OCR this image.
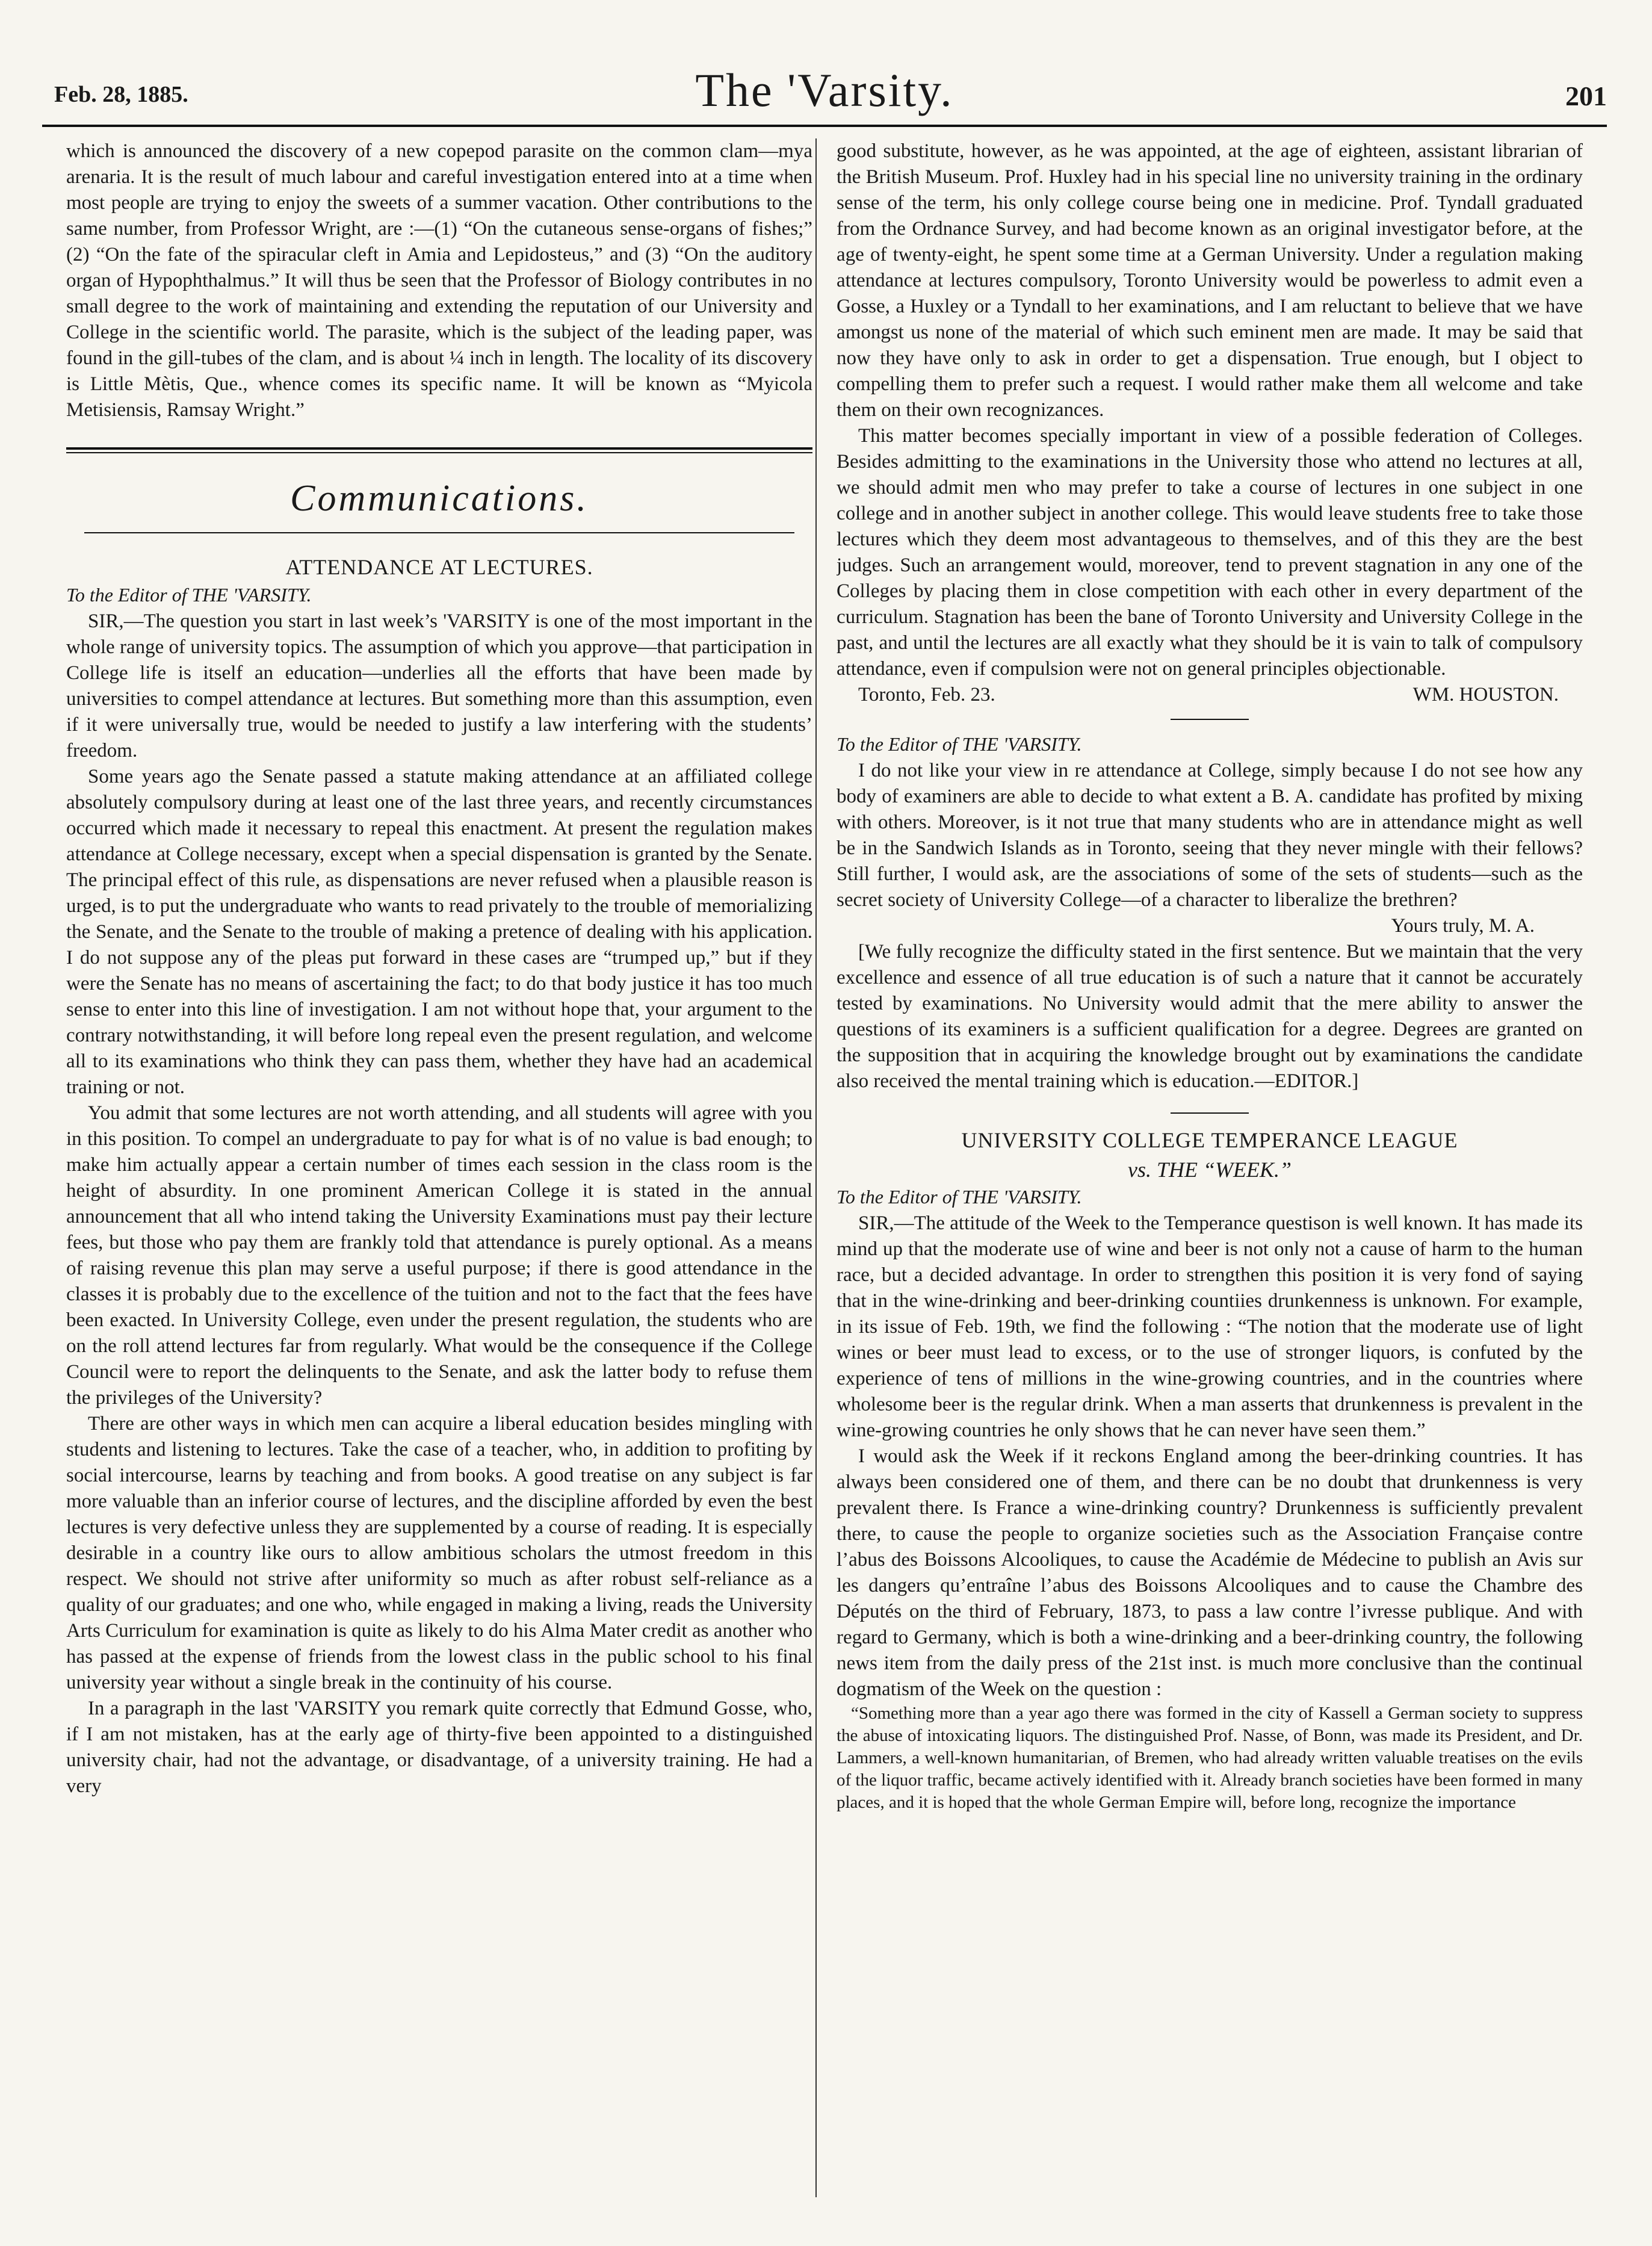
Feb. 28, 1885.	The 'Varsity.	201

which is announced the discovery of a new copepod parasite on the common clam—mya arenaria. It is the result of much labour and careful investigation entered into at a time when most people are trying to enjoy the sweets of a summer vacation. Other contributions to the same number, from Professor Wright, are :—(1) “On the cutaneous sense-organs of fishes;” (2) “On the fate of the spiracular cleft in Amia and Lepidosteus,” and (3) “On the auditory organ of Hypophthalmus.” It will thus be seen that the Professor of Biology contributes in no small degree to the work of maintaining and extending the reputation of our University and College in the scientific world. The parasite, which is the subject of the leading paper, was found in the gill-tubes of the clam, and is about ¼ inch in length. The locality of its discovery is Little Mètis, Que., whence comes its specific name. It will be known as “Myicola Metisiensis, Ramsay Wright.”

Communications.
ATTENDANCE AT LECTURES.
To the Editor of THE 'VARSITY.

SIR,—The question you start in last week’s 'VARSITY is one of the most important in the whole range of university topics. The assumption of which you approve—that participation in College life is itself an education—underlies all the efforts that have been made by universities to compel attendance at lectures. But something more than this assumption, even if it were universally true, would be needed to justify a law interfering with the students’ freedom.

Some years ago the Senate passed a statute making attendance at an affiliated college absolutely compulsory during at least one of the last three years, and recently circumstances occurred which made it necessary to repeal this enactment. At present the regulation makes attendance at College necessary, except when a special dispensation is granted by the Senate. The principal effect of this rule, as dispensations are never refused when a plausible reason is urged, is to put the undergraduate who wants to read privately to the trouble of memorializing the Senate, and the Senate to the trouble of making a pretence of dealing with his application. I do not suppose any of the pleas put forward in these cases are “trumped up,” but if they were the Senate has no means of ascertaining the fact; to do that body justice it has too much sense to enter into this line of investigation. I am not without hope that, your argument to the contrary notwithstanding, it will before long repeal even the present regulation, and welcome all to its examinations who think they can pass them, whether they have had an academical training or not.

You admit that some lectures are not worth attending, and all students will agree with you in this position. To compel an undergraduate to pay for what is of no value is bad enough; to make him actually appear a certain number of times each session in the class room is the height of absurdity. In one prominent American College it is stated in the annual announcement that all who intend taking the University Examinations must pay their lecture fees, but those who pay them are frankly told that attendance is purely optional. As a means of raising revenue this plan may serve a useful purpose; if there is good attendance in the classes it is probably due to the excellence of the tuition and not to the fact that the fees have been exacted. In University College, even under the present regulation, the students who are on the roll attend lectures far from regularly. What would be the consequence if the College Council were to report the delinquents to the Senate, and ask the latter body to refuse them the privileges of the University?

There are other ways in which men can acquire a liberal education besides mingling with students and listening to lectures. Take the case of a teacher, who, in addition to profiting by social intercourse, learns by teaching and from books. A good treatise on any subject is far more valuable than an inferior course of lectures, and the discipline afforded by even the best lectures is very defective unless they are supplemented by a course of reading. It is especially desirable in a country like ours to allow ambitious scholars the utmost freedom in this respect. We should not strive after uniformity so much as after robust self-reliance as a quality of our graduates; and one who, while engaged in making a living, reads the University Arts Curriculum for examination is quite as likely to do his Alma Mater credit as another who has passed at the expense of friends from the lowest class in the public school to his final university year without a single break in the continuity of his course.

In a paragraph in the last 'VARSITY you remark quite correctly that Edmund Gosse, who, if I am not mistaken, has at the early age of thirty-five been appointed to a distinguished university chair, had not the advantage, or disadvantage, of a university training. He had a very

good substitute, however, as he was appointed, at the age of eighteen, assistant librarian of the British Museum. Prof. Huxley had in his special line no university training in the ordinary sense of the term, his only college course being one in medicine. Prof. Tyndall graduated from the Ordnance Survey, and had become known as an original investigator before, at the age of twenty-eight, he spent some time at a German University. Under a regulation making attendance at lectures compulsory, Toronto University would be powerless to admit even a Gosse, a Huxley or a Tyndall to her examinations, and I am reluctant to believe that we have amongst us none of the material of which such eminent men are made. It may be said that now they have only to ask in order to get a dispensation. True enough, but I object to compelling them to prefer such a request. I would rather make them all welcome and take them on their own recognizances.

This matter becomes specially important in view of a possible federation of Colleges. Besides admitting to the examinations in the University those who attend no lectures at all, we should admit men who may prefer to take a course of lectures in one subject in one college and in another subject in another college. This would leave students free to take those lectures which they deem most advantageous to themselves, and of this they are the best judges. Such an arrangement would, moreover, tend to prevent stagnation in any one of the Colleges by placing them in close competition with each other in every department of the curriculum. Stagnation has been the bane of Toronto University and University College in the past, and until the lectures are all exactly what they should be it is vain to talk of compulsory attendance, even if compulsion were not on general principles objectionable.

Toronto, Feb. 23.	WM. HOUSTON.
To the Editor of THE 'VARSITY.

I do not like your view in re attendance at College, simply because I do not see how any body of examiners are able to decide to what extent a B. A. candidate has profited by mixing with others. Moreover, is it not true that many students who are in attendance might as well be in the Sandwich Islands as in Toronto, seeing that they never mingle with their fellows? Still further, I would ask, are the associations of some of the sets of students—such as the secret society of University College—of a character to liberalize the brethren?

Yours truly, M. A.

[We fully recognize the difficulty stated in the first sentence. But we maintain that the very excellence and essence of all true education is of such a nature that it cannot be accurately tested by examinations. No University would admit that the mere ability to answer the questions of its examiners is a sufficient qualification for a degree. Degrees are granted on the supposition that in acquiring the knowledge brought out by examinations the candidate also received the mental training which is education.—EDITOR.]

UNIVERSITY COLLEGE TEMPERANCE LEAGUE
vs. THE “WEEK.”
To the Editor of THE 'VARSITY.

SIR,—The attitude of the Week to the Temperance questison is well known. It has made its mind up that the moderate use of wine and beer is not only not a cause of harm to the human race, but a decided advantage. In order to strengthen this position it is very fond of saying that in the wine-drinking and beer-drinking countiies drunkenness is unknown. For example, in its issue of Feb. 19th, we find the following : “The notion that the moderate use of light wines or beer must lead to excess, or to the use of stronger liquors, is confuted by the experience of tens of millions in the wine-growing countries, and in the countries where wholesome beer is the regular drink. When a man asserts that drunkenness is prevalent in the wine-growing countries he only shows that he can never have seen them.”

I would ask the Week if it reckons England among the beer-drinking countries. It has always been considered one of them, and there can be no doubt that drunkenness is very prevalent there. Is France a wine-drinking country? Drunkenness is sufficiently prevalent there, to cause the people to organize societies such as the Association Française contre l’abus des Boissons Alcooliques, to cause the Académie de Médecine to publish an Avis sur les dangers qu’entraîne l’abus des Boissons Alcooliques and to cause the Chambre des Députés on the third of February, 1873, to pass a law contre l’ivresse publique. And with regard to Germany, which is both a wine-drinking and a beer-drinking country, the following news item from the daily press of the 21st inst. is much more conclusive than the continual dogmatism of the Week on the question :

“Something more than a year ago there was formed in the city of Kassell a German society to suppress the abuse of intoxicating liquors. The distinguished Prof. Nasse, of Bonn, was made its President, and Dr. Lammers, a well-known humanitarian, of Bremen, who had already written valuable treatises on the evils of the liquor traffic, became actively identified with it. Already branch societies have been formed in many places, and it is hoped that the whole German Empire will, before long, recognize the importance
